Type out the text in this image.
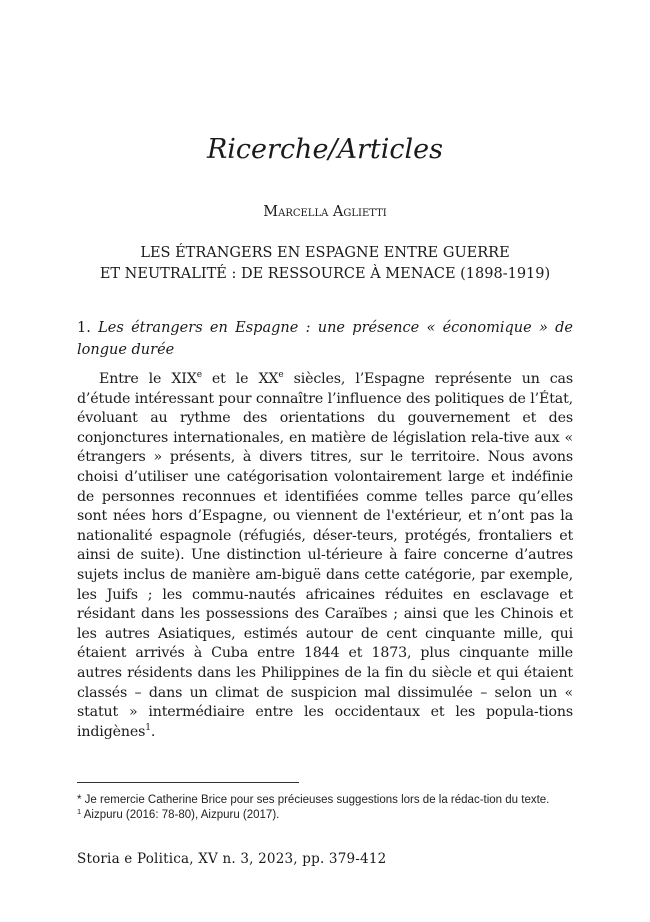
Ricerche/Articles

Marcella Aglietti

LES ÉTRANGERS EN ESPAGNE ENTRE GUERRE
ET NEUTRALITÉ : DE RESSOURCE À MENACE (1898-1919)
1. Les étrangers en Espagne : une présence « économique » de longue durée

Entre le XIXe et le XXe siècles, l’Espagne représente un cas d’étude intéressant pour connaître l’influence des politiques de l’État, évoluant au rythme des orientations du gouvernement et des conjonctures internationales, en matière de législation rela-tive aux « étrangers » présents, à divers titres, sur le territoire. Nous avons choisi d’utiliser une catégorisation volontairement large et indéfinie de personnes reconnues et identifiées comme telles parce qu’elles sont nées hors d’Espagne, ou viennent de l'extérieur, et n’ont pas la nationalité espagnole (réfugiés, déser-teurs, protégés, frontaliers et ainsi de suite). Une distinction ul-térieure à faire concerne d’autres sujets inclus de manière am-biguë dans cette catégorie, par exemple, les Juifs ; les commu-nautés africaines réduites en esclavage et résidant dans les possessions des Caraïbes ; ainsi que les Chinois et les autres Asiatiques, estimés autour de cent cinquante mille, qui étaient arrivés à Cuba entre 1844 et 1873, plus cinquante mille autres résidents dans les Philippines de la fin du siècle et qui étaient classés – dans un climat de suspicion mal dissimulée – selon un « statut » intermédiaire entre les occidentaux et les popula-tions indigènes$^1$.

* Je remercie Catherine Brice pour ses précieuses suggestions lors de la rédac-tion du texte.

$^1$ Aizpuru (2016: 78-80), Aizpuru (2017).

Storia e Politica, XV n. 3, 2023, pp. 379-412
